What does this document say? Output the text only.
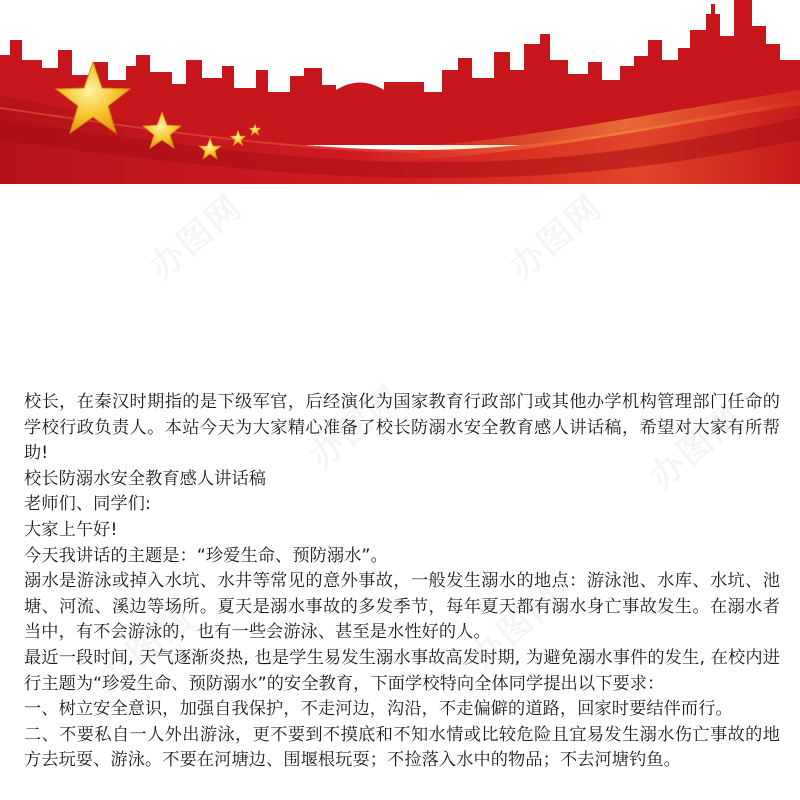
校长，在秦汉时期指的是下级军官，后经演化为国家教育行政部门或其他办学机构管理部门任命的学校行政负责人。本站今天为大家精心准备了校长防溺水安全教育感人讲话稿，希望对大家有所帮助!

校长防溺水安全教育感人讲话稿

老师们、同学们:

大家上午好!

今天我讲话的主题是：“珍爱生命、预防溺水”。

溺水是游泳或掉入水坑、水井等常见的意外事故，一般发生溺水的地点：游泳池、水库、水坑、池塘、河流、溪边等场所。夏天是溺水事故的多发季节，每年夏天都有溺水身亡事故发生。在溺水者当中，有不会游泳的，也有一些会游泳、甚至是水性好的人。

最近一段时间, 天气逐渐炎热, 也是学生易发生溺水事故高发时期, 为避免溺水事件的发生, 在校内进行主题为“珍爱生命、预防溺水”的安全教育，下面学校特向全体同学提出以下要求：

一、树立安全意识，加强自我保护，不走河边，沟沿，不走偏僻的道路，回家时要结伴而行。

二、不要私自一人外出游泳，更不要到不摸底和不知水情或比较危险且宜易发生溺水伤亡事故的地方去玩耍、游泳。不要在河塘边、围堰根玩耍；不捡落入水中的物品；不去河塘钓鱼。
